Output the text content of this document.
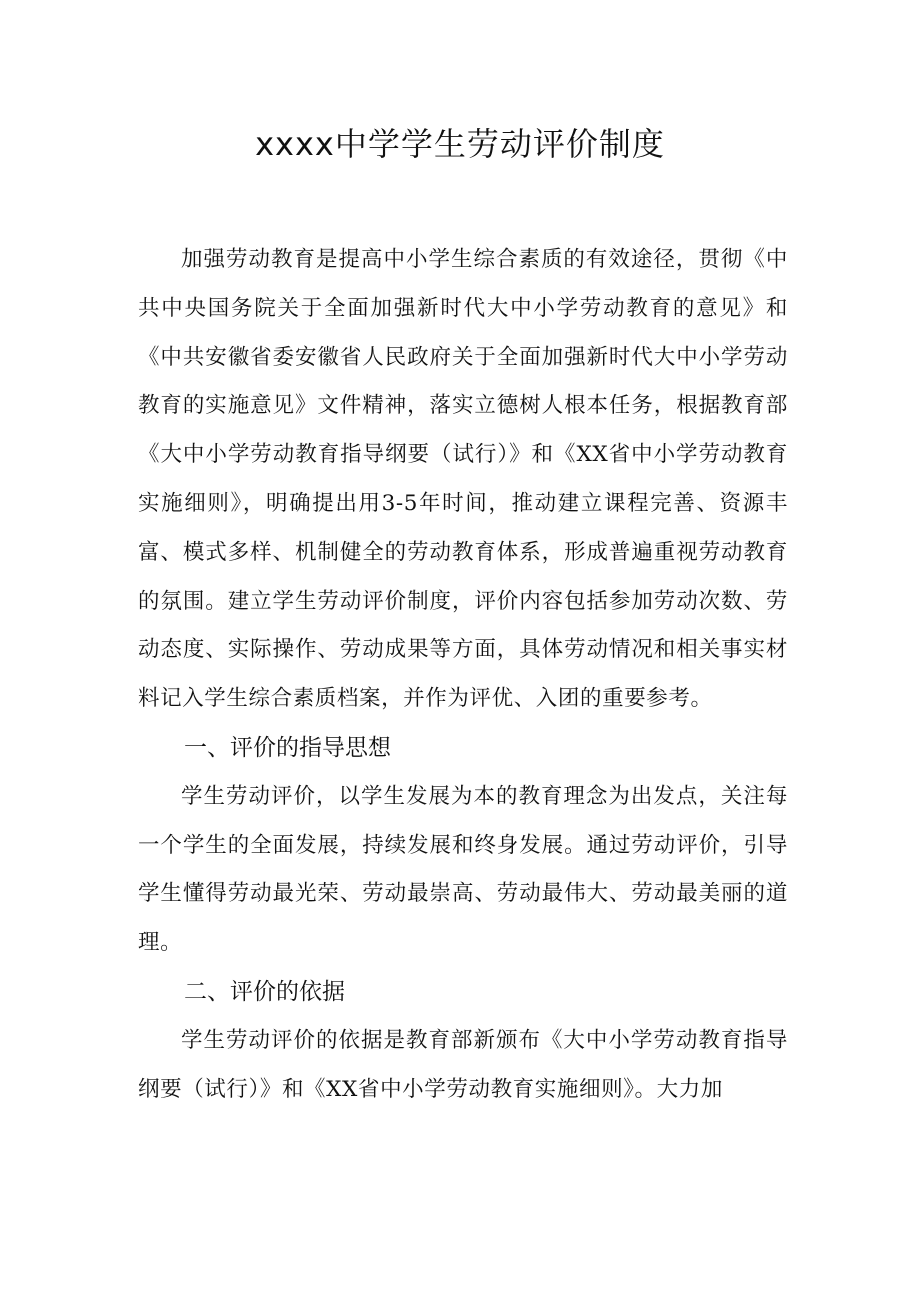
xxxx中学学生劳动评价制度

加强劳动教育是提高中小学生综合素质的有效途径，贯彻《中共中央国务院关于全面加强新时代大中小学劳动教育的意见》和《中共安徽省委安徽省人民政府关于全面加强新时代大中小学劳动教育的实施意见》文件精神，落实立德树人根本任务，根据教育部《大中小学劳动教育指导纲要（试行）》和《XX省中小学劳动教育实施细则》，明确提出用3-5年时间，推动建立课程完善、资源丰富、模式多样、机制健全的劳动教育体系，形成普遍重视劳动教育的氛围。建立学生劳动评价制度，评价内容包括参加劳动次数、劳动态度、实际操作、劳动成果等方面，具体劳动情况和相关事实材料记入学生综合素质档案，并作为评优、入团的重要参考。

一、评价的指导思想

学生劳动评价，以学生发展为本的教育理念为出发点，关注每一个学生的全面发展，持续发展和终身发展。通过劳动评价，引导学生懂得劳动最光荣、劳动最崇高、劳动最伟大、劳动最美丽的道理。

二、评价的依据

学生劳动评价的依据是教育部新颁布《大中小学劳动教育指导纲要（试行）》和《XX省中小学劳动教育实施细则》。大力加
